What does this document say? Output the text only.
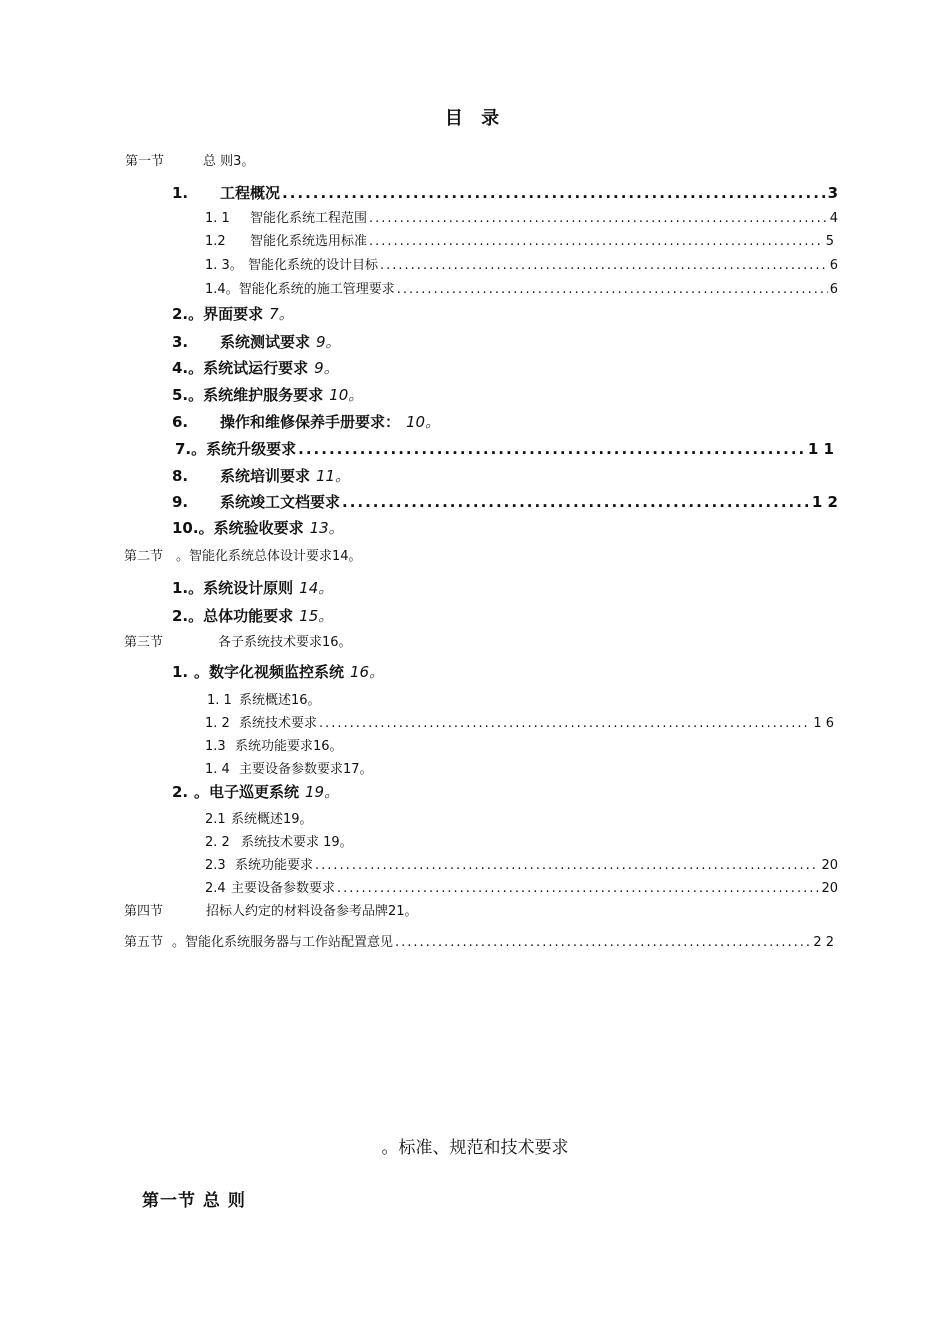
目 录
第一节	总 则3。
1.	工程概况 .....	3
1. 1	智能化系统工程范围 .....	4
1.2	智能化系统选用标准 .....	5
1. 3。 智能化系统的设计目标 .....	6
1.4。 智能化系统的施工管理要求 .....	6
2.。 界面要求 7。
3.	系统测试要求 9。
4.。 系统试运行要求 9。
5.。 系统维护服务要求 10。
6.	操作和维修保养手册要求： 10。
7.。 系统升级要求 .....	1 1
8.	系统培训要求 11。
9.	系统竣工文档要求 .....	1 2
10.。 系统验收要求 13。
第二节 。智能化系统总体设计要求14。
1.。 系统设计原则 14。
2.。 总体功能要求 15。
第三节	各子系统技术要求16。
1. 。数字化视频监控系统 16。
1. 1 系统概述16。
1. 2 系统技术要求 .....	1 6
1.3 系统功能要求16。
1. 4 主要设备参数要求17。
2. 。电子巡更系统 19。
2.1 系统概述19。
2. 2 系统技术要求 19。
2.3 系统功能要求 .....	20
2.4 主要设备参数要求 .....	20
第四节	招标人约定的材料设备参考品牌21。
第五节 。智能化系统服务器与工作站配置意见 .....	2 2
。标准、规范和技术要求
第一节 总 则
